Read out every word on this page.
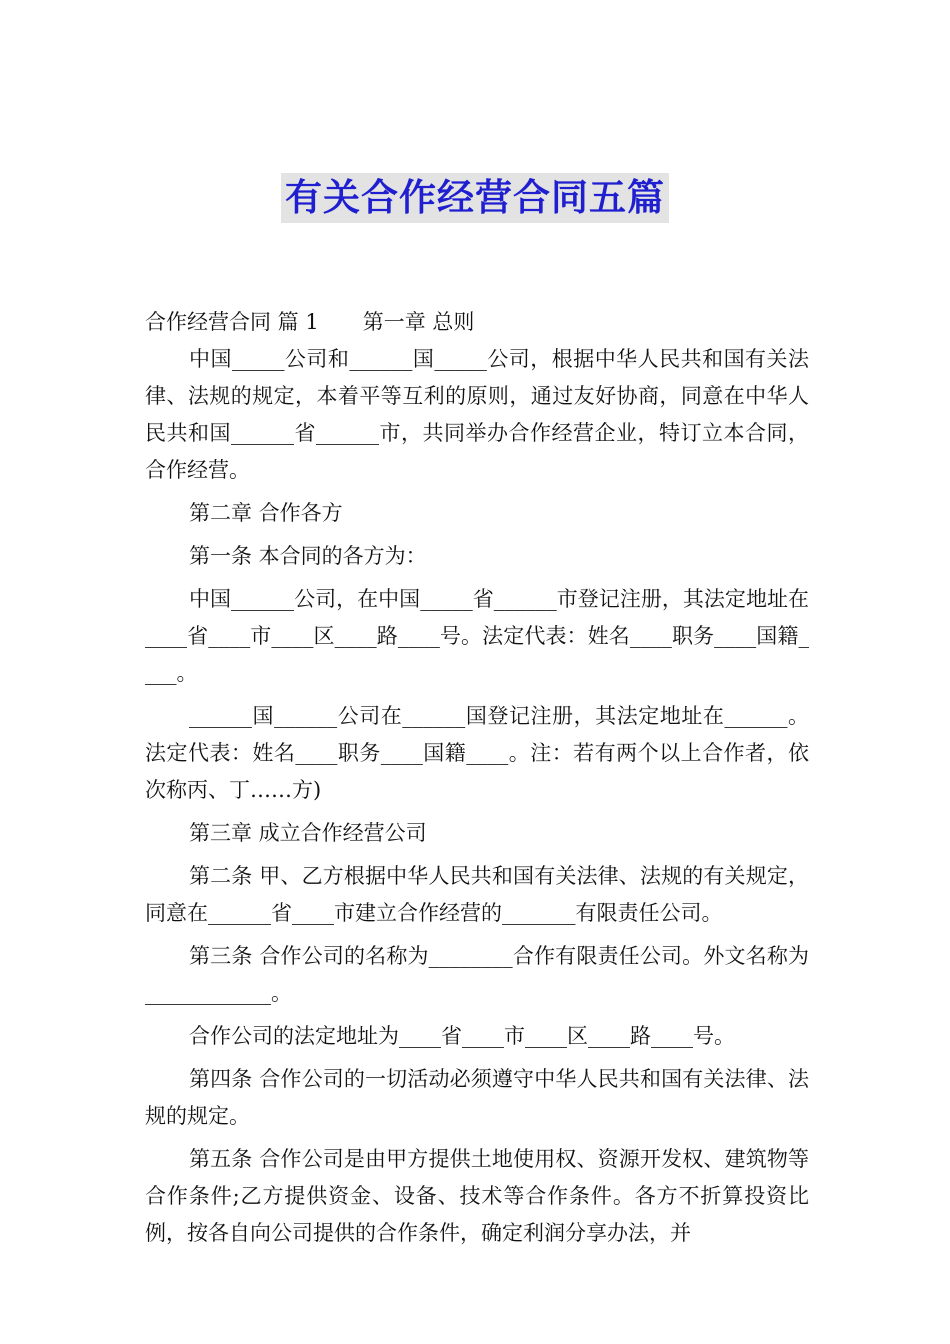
有关合作经营合同五篇
合作经营合同 篇 1 第一章 总则

中国_____公司和______国_____公司，根据中华人民共和国有关法律、法规的规定，本着平等互利的原则，通过友好协商，同意在中华人民共和国______省______市，共同举办合作经营企业，特订立本合同，合作经营。

第二章 合作各方

第一条 本合同的各方为：

中国______公司，在中国_____省______市登记注册，其法定地址在____省____市____区____路____号。法定代表：姓名____职务____国籍____。

______国______公司在______国登记注册，其法定地址在______。法定代表：姓名____职务____国籍____。注：若有两个以上合作者，依次称丙、丁……方)

第三章 成立合作经营公司

第二条 甲、乙方根据中华人民共和国有关法律、法规的有关规定，同意在______省____市建立合作经营的_______有限责任公司。

第三条 合作公司的名称为________合作有限责任公司。外文名称为____________。

合作公司的法定地址为____省____市____区____路____号。

第四条 合作公司的一切活动必须遵守中华人民共和国有关法律、法规的规定。

第五条 合作公司是由甲方提供土地使用权、资源开发权、建筑物等合作条件;乙方提供资金、设备、技术等合作条件。各方不折算投资比例，按各自向公司提供的合作条件，确定利润分享办法，并
